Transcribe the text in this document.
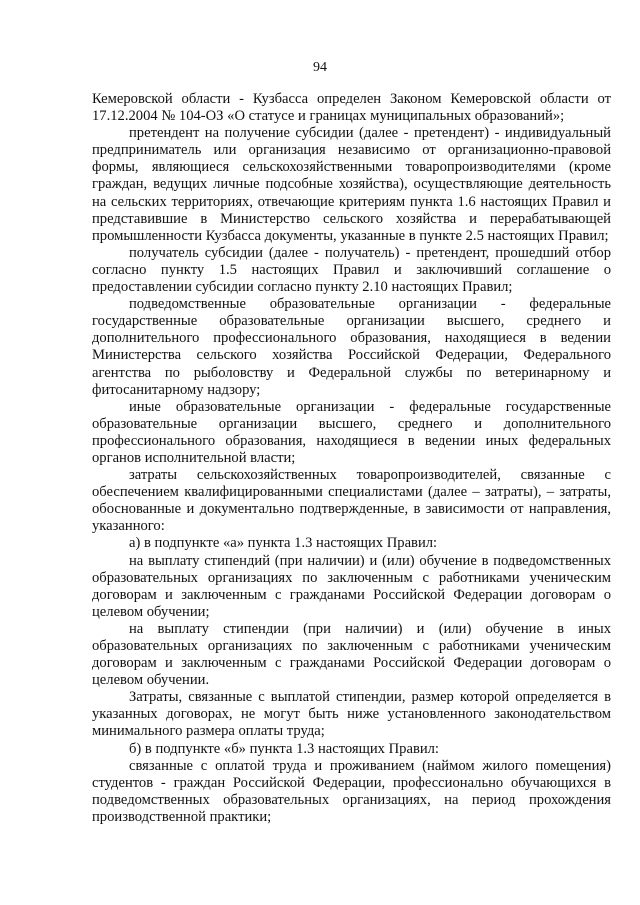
94

Кемеровской области - Кузбасса определен Законом Кемеровской области от 17.12.2004 № 104-ОЗ «О статусе и границах муниципальных образований»;

претендент на получение субсидии (далее - претендент) - индивидуальный предприниматель или организация независимо от организационно-правовой формы, являющиеся сельскохозяйственными товаропроизводителями (кроме граждан, ведущих личные подсобные хозяйства), осуществляющие деятельность на сельских территориях, отвечающие критериям пункта 1.6 настоящих Правил и представившие в Министерство сельского хозяйства и перерабатывающей промышленности Кузбасса документы, указанные в пункте 2.5 настоящих Правил;

получатель субсидии (далее - получатель) - претендент, прошедший отбор согласно пункту 1.5 настоящих Правил и заключивший соглашение о предоставлении субсидии согласно пункту 2.10 настоящих Правил;

подведомственные образовательные организации - федеральные государственные образовательные организации высшего, среднего и дополнительного профессионального образования, находящиеся в ведении Министерства сельского хозяйства Российской Федерации, Федерального агентства по рыболовству и Федеральной службы по ветеринарному и фитосанитарному надзору;

иные образовательные организации - федеральные государственные образовательные организации высшего, среднего и дополнительного профессионального образования, находящиеся в ведении иных федеральных органов исполнительной власти;

затраты сельскохозяйственных товаропроизводителей, связанные с обеспечением квалифицированными специалистами (далее – затраты), – затраты, обоснованные и документально подтвержденные, в зависимости от направления, указанного:

а) в подпункте «а» пункта 1.3 настоящих Правил:

на выплату стипендий (при наличии) и (или) обучение в подведомственных образовательных организациях по заключенным с работниками ученическим договорам и заключенным с гражданами Российской Федерации договорам о целевом обучении;

на выплату стипендии (при наличии) и (или) обучение в иных образовательных организациях по заключенным с работниками ученическим договорам и заключенным с гражданами Российской Федерации договорам о целевом обучении.

Затраты, связанные с выплатой стипендии, размер которой определяется в указанных договорах, не могут быть ниже установленного законодательством минимального размера оплаты труда;

б) в подпункте «б» пункта 1.3 настоящих Правил:

связанные с оплатой труда и проживанием (наймом жилого помещения) студентов - граждан Российской Федерации, профессионально обучающихся в подведомственных образовательных организациях, на период прохождения производственной практики;
